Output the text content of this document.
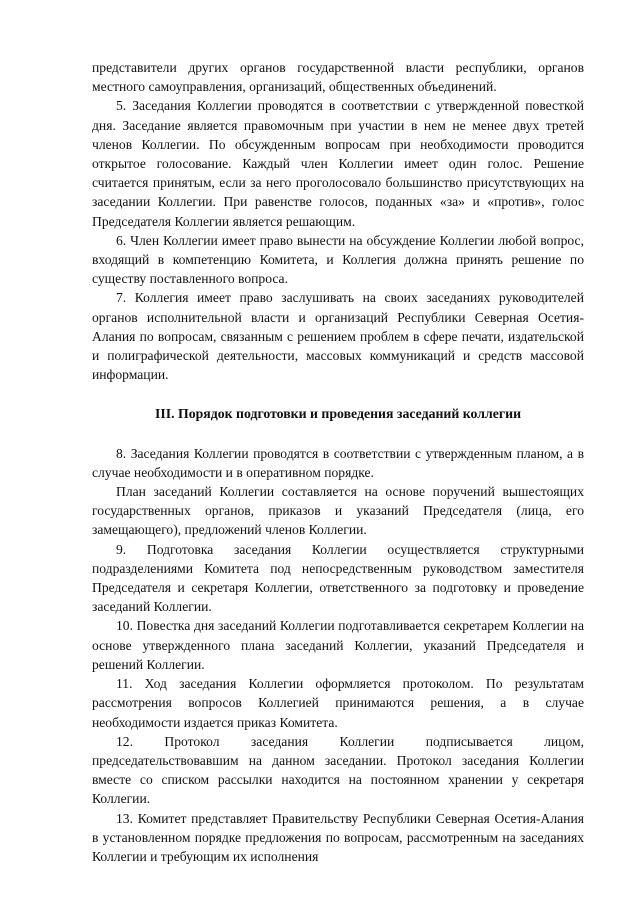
представители других органов государственной власти республики, органов местного самоуправления, организаций, общественных объединений.

5. Заседания Коллегии проводятся в соответствии с утвержденной повесткой дня. Заседание является правомочным при участии в нем не менее двух третей членов Коллегии. По обсужденным вопросам при необходимости проводится открытое голосование. Каждый член Коллегии имеет один голос. Решение считается принятым, если за него проголосовало большинство присутствующих на заседании Коллегии. При равенстве голосов, поданных «за» и «против», голос Председателя Коллегии является решающим.

6. Член Коллегии имеет право вынести на обсуждение Коллегии любой вопрос, входящий в компетенцию Комитета, и Коллегия должна принять решение по существу поставленного вопроса.

7. Коллегия имеет право заслушивать на своих заседаниях руководителей органов исполнительной власти и организаций Республики Северная Осетия-Алания по вопросам, связанным с решением проблем в сфере печати, издательской и полиграфической деятельности, массовых коммуникаций и средств массовой информации.

III. Порядок подготовки и проведения заседаний коллегии

8. Заседания Коллегии проводятся в соответствии с утвержденным планом, а в случае необходимости и в оперативном порядке.

План заседаний Коллегии составляется на основе поручений вышестоящих государственных органов, приказов и указаний Председателя (лица, его замещающего), предложений членов Коллегии.

9. Подготовка заседания Коллегии осуществляется структурными подразделениями Комитета под непосредственным руководством заместителя Председателя и секретаря Коллегии, ответственного за подготовку и проведение заседаний Коллегии.

10. Повестка дня заседаний Коллегии подготавливается секретарем Коллегии на основе утвержденного плана заседаний Коллегии, указаний Председателя и решений Коллегии.

11. Ход заседания Коллегии оформляется протоколом. По результатам рассмотрения вопросов Коллегией принимаются решения, а в случае необходимости издается приказ Комитета.

12. Протокол заседания Коллегии подписывается лицом, председательствовавшим на данном заседании. Протокол заседания Коллегии вместе со списком рассылки находится на постоянном хранении у секретаря Коллегии.

13. Комитет представляет Правительству Республики Северная Осетия-Алания в установленном порядке предложения по вопросам, рассмотренным на заседаниях Коллегии и требующим их исполнения
